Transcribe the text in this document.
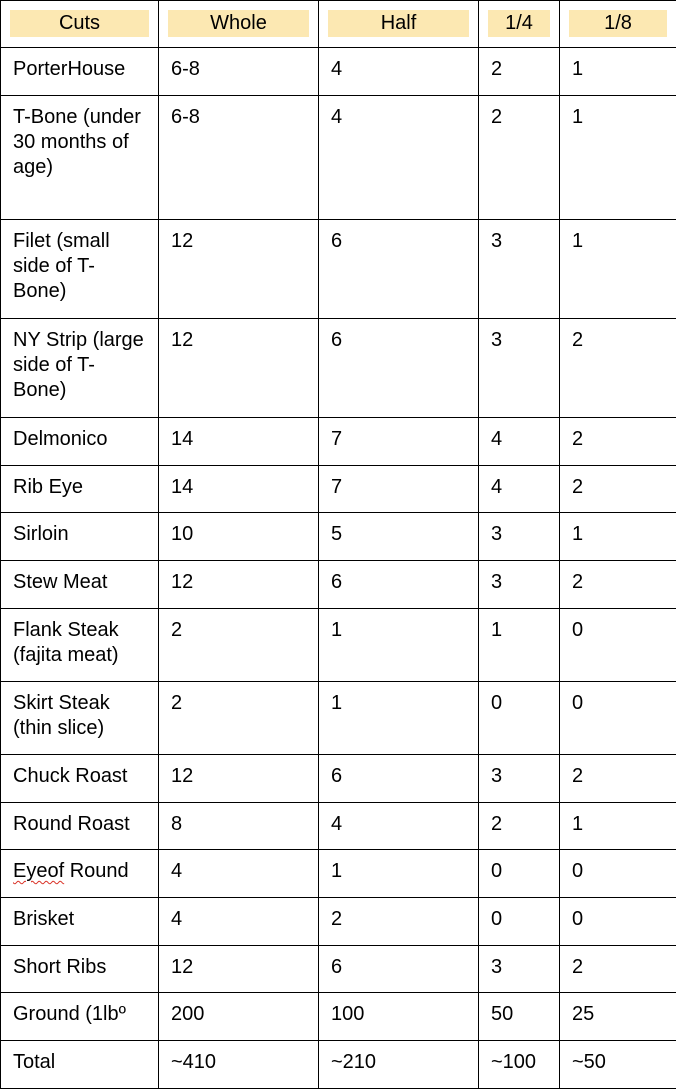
Cuts	Whole	Half	1/4	1/8

PorterHouse	6-8	4	2	1
T-Bone (under 30 months of age)	6-8	4	2	1
Filet (small side of T-Bone)	12	6	3	1
NY Strip (large side of T-Bone)	12	6	3	2
Delmonico	14	7	4	2
Rib Eye	14	7	4	2
Sirloin	10	5	3	1
Stew Meat	12	6	3	2
Flank Steak (fajita meat)	2	1	1	0
Skirt Steak (thin slice)	2	1	0	0
Chuck Roast	12	6	3	2
Round Roast	8	4	2	1
Eyeof Round	4	1	0	0
Brisket	4	2	0	0
Short Ribs	12	6	3	2
Ground (1lbº	200	100	50	25
Total	~410	~210	~100	~50
